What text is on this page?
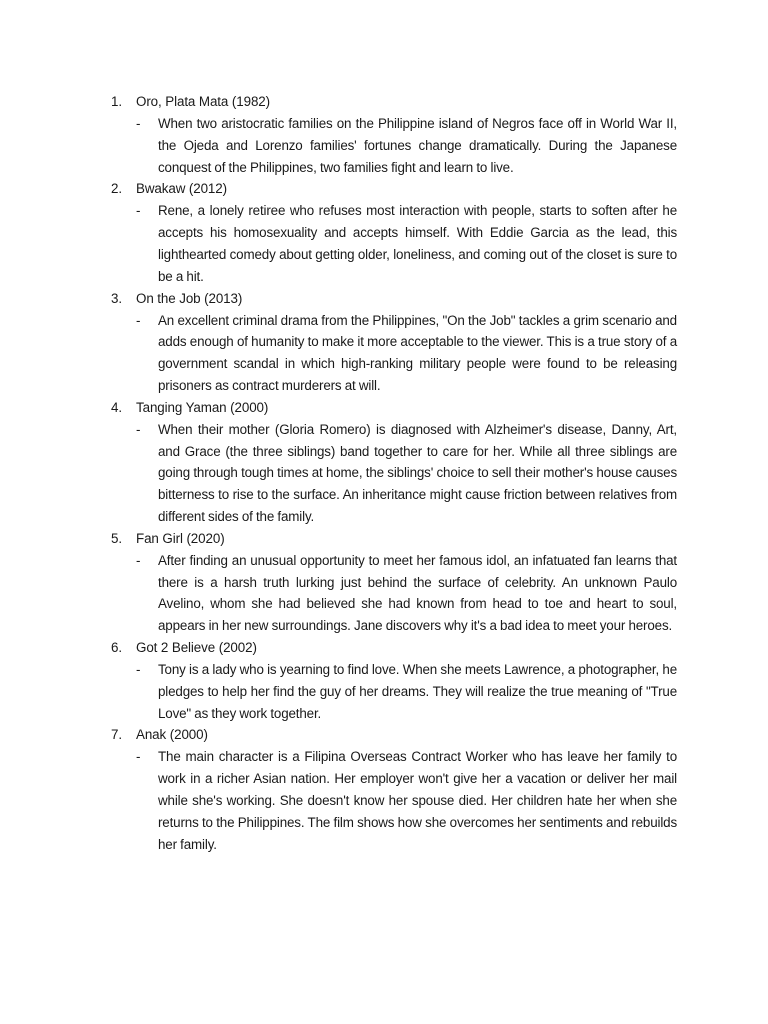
1. Oro, Plata Mata (1982)
- When two aristocratic families on the Philippine island of Negros face off in World War II, the Ojeda and Lorenzo families' fortunes change dramatically. During the Japanese conquest of the Philippines, two families fight and learn to live.

2. Bwakaw (2012)
- Rene, a lonely retiree who refuses most interaction with people, starts to soften after he accepts his homosexuality and accepts himself. With Eddie Garcia as the lead, this lighthearted comedy about getting older, loneliness, and coming out of the closet is sure to be a hit.

3. On the Job (2013)
- An excellent criminal drama from the Philippines, "On the Job" tackles a grim scenario and adds enough of humanity to make it more acceptable to the viewer. This is a true story of a government scandal in which high-ranking military people were found to be releasing prisoners as contract murderers at will.

4. Tanging Yaman (2000)
- When their mother (Gloria Romero) is diagnosed with Alzheimer's disease, Danny, Art, and Grace (the three siblings) band together to care for her. While all three siblings are going through tough times at home, the siblings' choice to sell their mother's house causes bitterness to rise to the surface. An inheritance might cause friction between relatives from different sides of the family.

5. Fan Girl (2020)
- After finding an unusual opportunity to meet her famous idol, an infatuated fan learns that there is a harsh truth lurking just behind the surface of celebrity. An unknown Paulo Avelino, whom she had believed she had known from head to toe and heart to soul, appears in her new surroundings. Jane discovers why it's a bad idea to meet your heroes.

6. Got 2 Believe (2002)
- Tony is a lady who is yearning to find love. When she meets Lawrence, a photographer, he pledges to help her find the guy of her dreams. They will realize the true meaning of "True Love" as they work together.

7. Anak (2000)
- The main character is a Filipina Overseas Contract Worker who has leave her family to work in a richer Asian nation. Her employer won't give her a vacation or deliver her mail while she's working. She doesn't know her spouse died. Her children hate her when she returns to the Philippines. The film shows how she overcomes her sentiments and rebuilds her family.
